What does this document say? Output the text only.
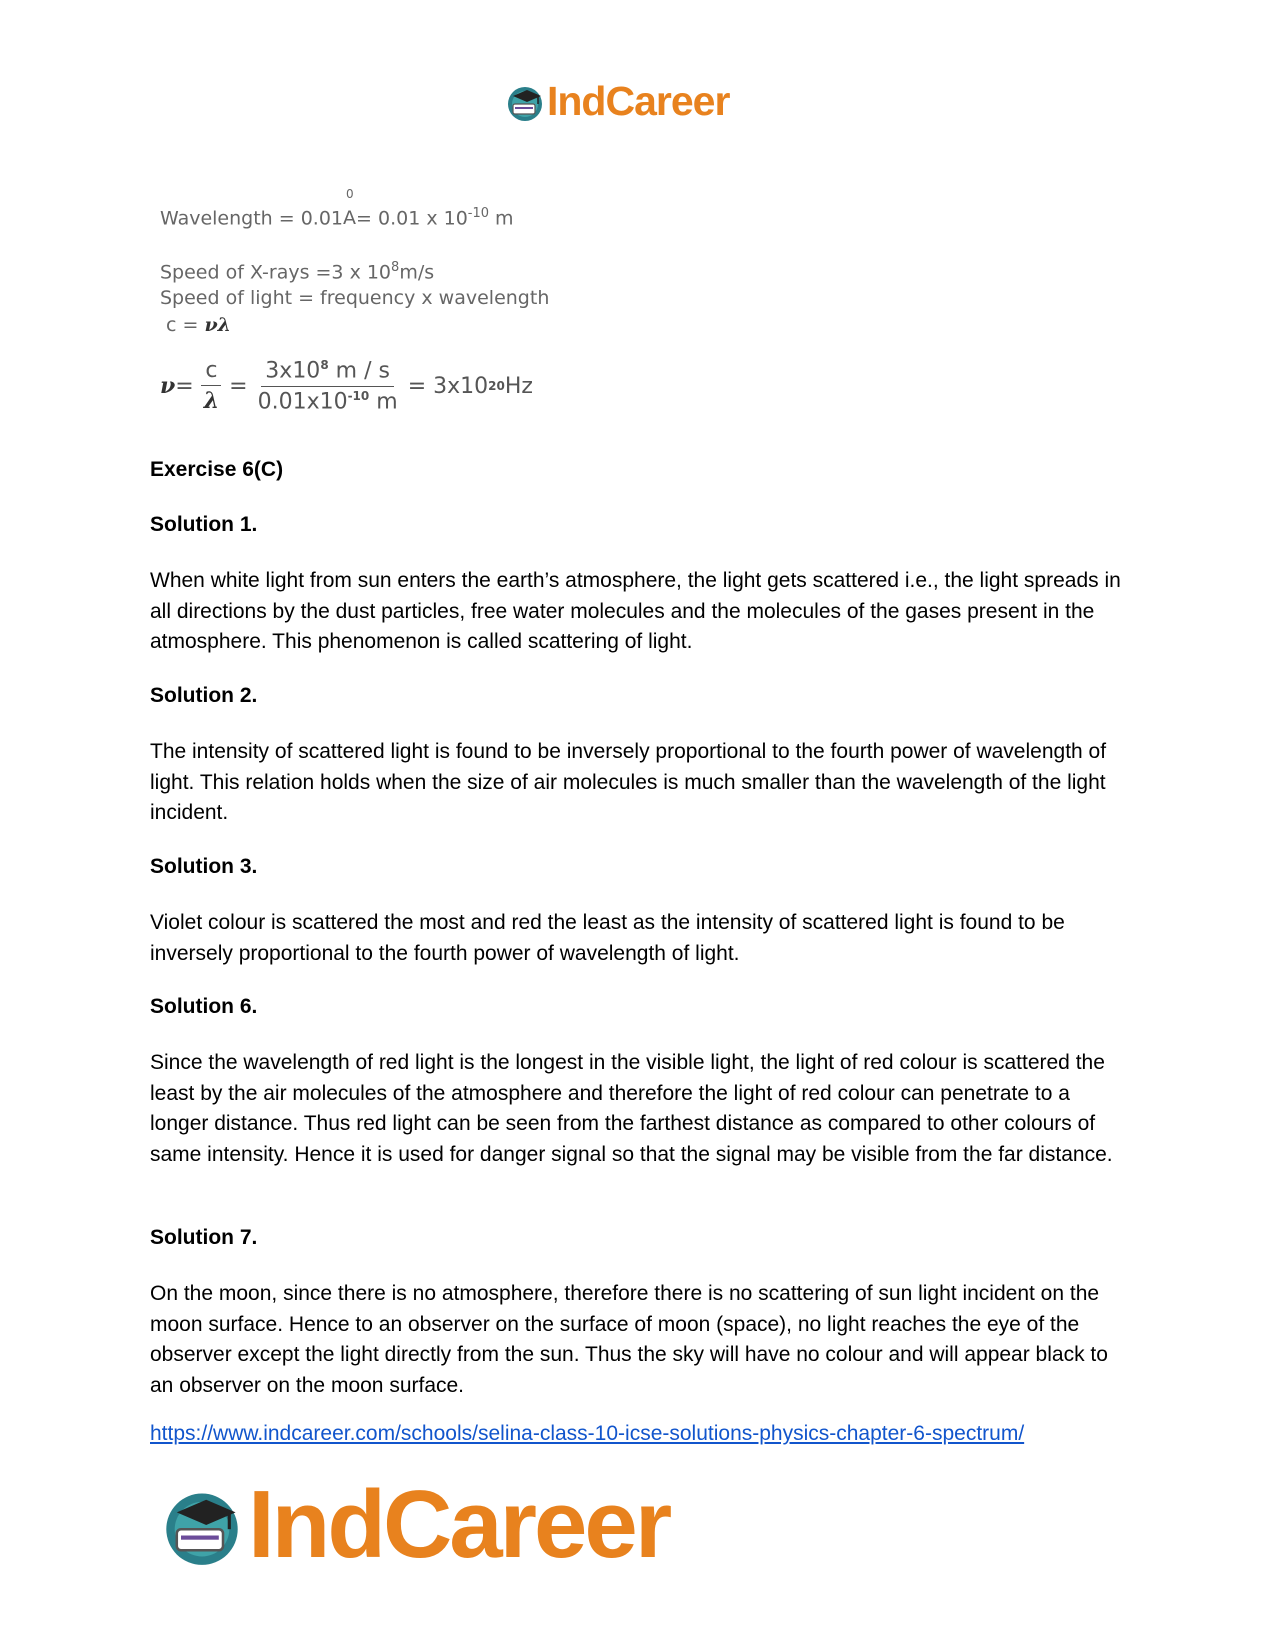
IndCareer
Wavelength = 0.01
0
A= 0.01 x $10^{-10}$ m
Speed of X-rays =3 x $10^8m/s$
Speed of light = frequency x wavelength
c = νλ
$\nu = \frac{c}{\lambda} = \frac{3x10^8 m / s}{0.01x10^{-10} m} = 3x10$ 20 Hz

Exercise 6(C)

Solution 1.

When white light from sun enters the earth’s atmosphere, the light gets scattered i.e., the light spreads in all directions by the dust particles, free water molecules and the molecules of the gases present in the atmosphere. This phenomenon is called scattering of light.

Solution 2.

The intensity of scattered light is found to be inversely proportional to the fourth power of wavelength of light. This relation holds when the size of air molecules is much smaller than the wavelength of the light incident.

Solution 3.

Violet colour is scattered the most and red the least as the intensity of scattered light is found to be inversely proportional to the fourth power of wavelength of light.

Solution 6.

Since the wavelength of red light is the longest in the visible light, the light of red colour is scattered the least by the air molecules of the atmosphere and therefore the light of red colour can penetrate to a longer distance. Thus red light can be seen from the farthest distance as compared to other colours of same intensity. Hence it is used for danger signal so that the signal may be visible from the far distance.

Solution 7.

On the moon, since there is no atmosphere, therefore there is no scattering of sun light incident on the moon surface. Hence to an observer on the surface of moon (space), no light reaches the eye of the observer except the light directly from the sun. Thus the sky will have no colour and will appear black to an observer on the moon surface.

https://www.indcareer.com/schools/selina-class-10-icse-solutions-physics-chapter-6-spectrum/
IndCareer
